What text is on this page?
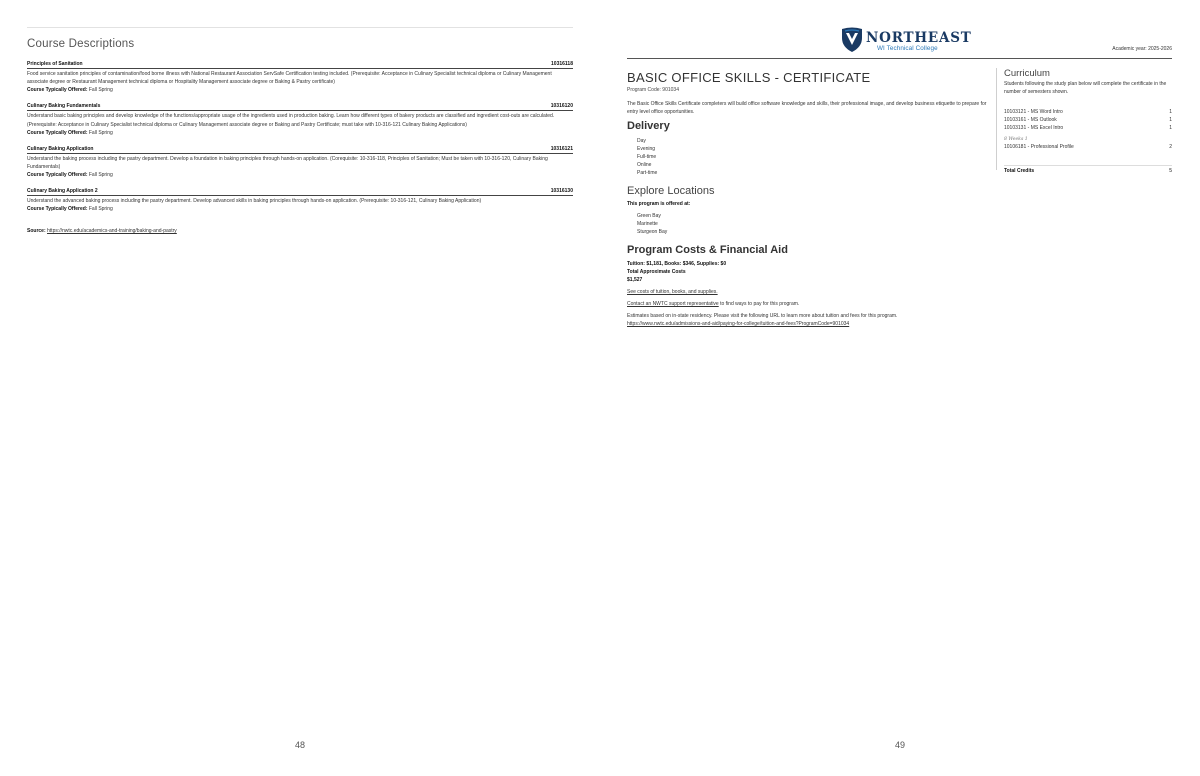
Course Descriptions
Principles of Sanitation	10316118

Food service sanitation principles of contamination/food borne illness with National Restaurant Association ServSafe Certification testing included. (Prerequisite: Acceptance in Culinary Specialist technical diploma or Culinary Management associate degree or Restaurant Management technical diploma or Hospitality Management associate degree or Baking & Pastry certificate)

Course Typically Offered: Fall Spring

Culinary Baking Fundamentals	10316120

Understand basic baking principles and develop knowledge of the functions/appropriate usage of the ingredients used in production baking. Learn how different types of bakery products are classified and ingredient cost-outs are calculated. (Prerequisite: Acceptance in Culinary Specialist technical diploma or Culinary Management associate degree or Baking and Pastry Certificate; must take with 10-316-121 Culinary Baking Applications)

Course Typically Offered: Fall Spring

Culinary Baking Application	10316121

Understand the baking process including the pastry department. Develop a foundation in baking principles through hands-on application. (Corequisite: 10-316-118, Principles of Sanitation; Must be taken with 10-316-120, Culinary Baking Fundamentals)

Course Typically Offered: Fall Spring

Culinary Baking Application 2	10316130

Understand the advanced baking process including the pastry department. Develop advanced skills in baking principles through hands-on application. (Prerequisite: 10-316-121, Culinary Baking Application)

Course Typically Offered: Fall Spring

Source: https://nwtc.edu/academics-and-training/baking-and-pastry

48
NORTHEAST
WI Technical College	Academic year: 2025-2026
BASIC OFFICE SKILLS - CERTIFICATE

Program Code: 901034

The Basic Office Skills Certificate completers will build office software knowledge and skills, their professional image, and develop business etiquette to prepare for entry level office opportunities.

Delivery
Day
Evening
Full-time
Online
Part-time
Explore Locations

This program is offered at:

Green Bay
Marinette
Sturgeon Bay
Program Costs & Financial Aid

Tuition: $1,181, Books: $346, Supplies: $0

Total Approximate Costs

$1,527

See costs of tuition, books, and supplies.

Contact an NWTC support representative to find ways to pay for this program.

Estimates based on in-state residency. Please visit the following URL to learn more about tuition and fees for this program.
https://www.nwtc.edu/admissions-and-aid/paying-for-college/tuition-and-fees?ProgramCode=901034

Curriculum

Students following the study plan below will complete the certificate in the number of semesters shown.

10103121 - MS Word Intro	1
10103161 - MS Outlook	1
10103131 - MS Excel Intro	1

8 Weeks 1

10106181 - Professional Profile	2
Total Credits	5
49
